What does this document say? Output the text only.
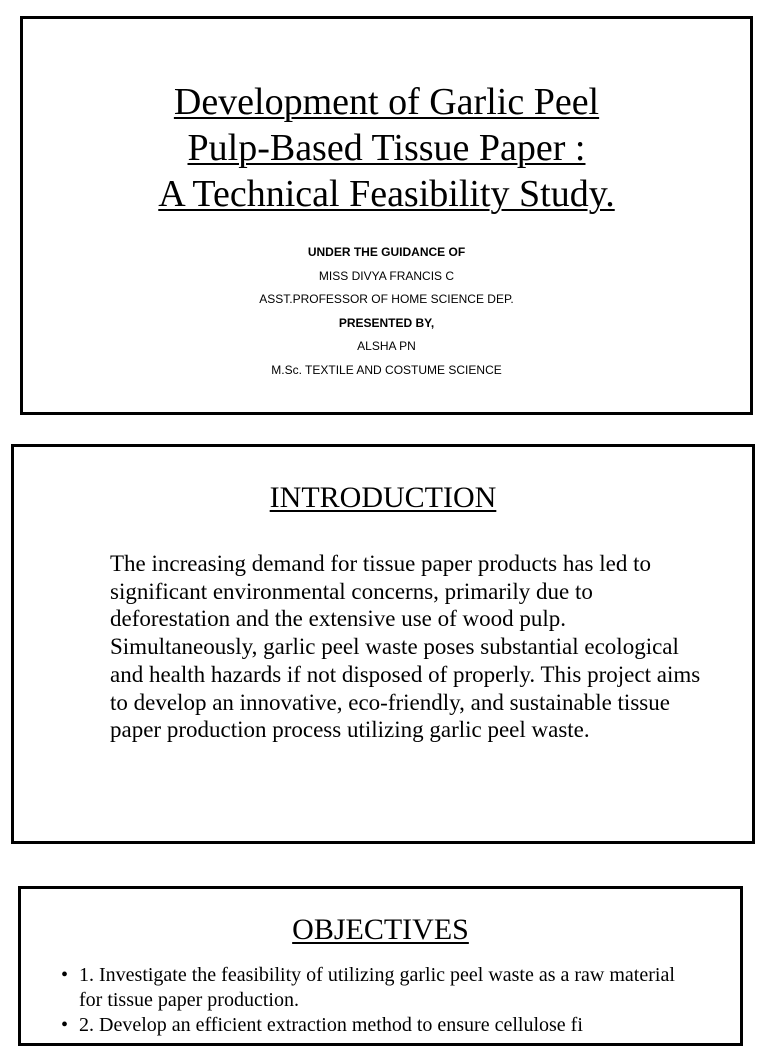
Development of Garlic Peel
Pulp-Based Tissue Paper :
A Technical Feasibility Study.
UNDER THE GUIDANCE OF
MISS DIVYA FRANCIS C
ASST.PROFESSOR OF HOME SCIENCE DEP.
PRESENTED BY,
ALSHA PN
M.Sc. TEXTILE AND COSTUME SCIENCE
INTRODUCTION

The increasing demand for tissue paper products has led to significant environmental concerns, primarily due to deforestation and the extensive use of wood pulp. Simultaneously, garlic peel waste poses substantial ecological and health hazards if not disposed of properly. This project aims to develop an innovative, eco-friendly, and sustainable tissue paper production process utilizing garlic peel waste.

OBJECTIVES
• 1. Investigate the feasibility of utilizing garlic peel waste as a raw material for tissue paper production.
• 2. Develop an efficient extraction method to ensure cellulose fi
